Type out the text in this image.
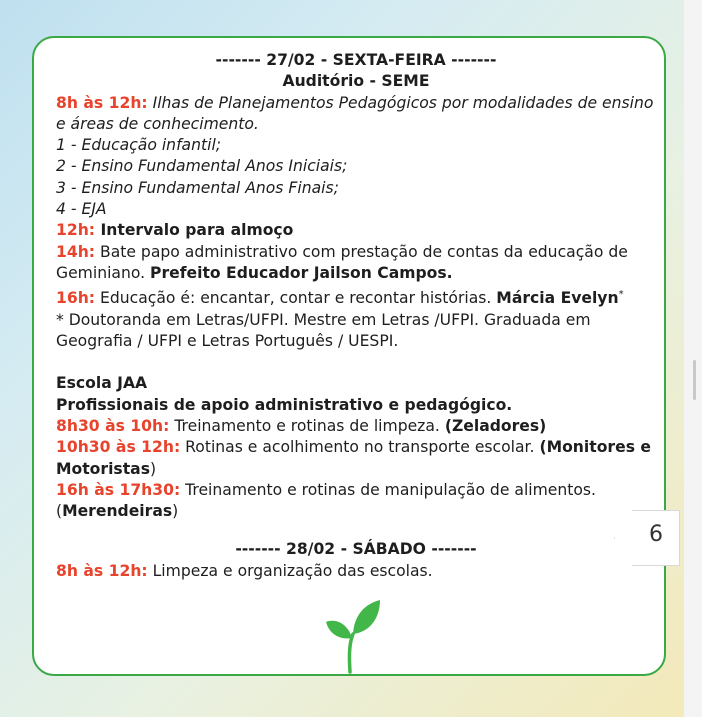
------- 27/02 - SEXTA-FEIRA -------

Auditório - SEME

8h às 12h: Ilhas de Planejamentos Pedagógicos por modalidades de ensino e áreas de conhecimento.

1 - Educação infantil;

2 - Ensino Fundamental Anos Iniciais;

3 - Ensino Fundamental Anos Finais;

4 - EJA

12h: Intervalo para almoço

14h: Bate papo administrativo com prestação de contas da educação de Geminiano. Prefeito Educador Jailson Campos.

16h: Educação é: encantar, contar e recontar histórias. Márcia Evelyn*

* Doutoranda em Letras/UFPI. Mestre em Letras /UFPI. Graduada em Geografia / UFPI e Letras Português / UESPI.

Escola JAA

Profissionais de apoio administrativo e pedagógico.

8h30 às 10h: Treinamento e rotinas de limpeza. (Zeladores)

10h30 às 12h: Rotinas e acolhimento no transporte escolar. (Monitores e Motoristas)

16h às 17h30: Treinamento e rotinas de manipulação de alimentos. (Merendeiras)

------- 28/02 - SÁBADO -------

8h às 12h: Limpeza e organização das escolas.

6
